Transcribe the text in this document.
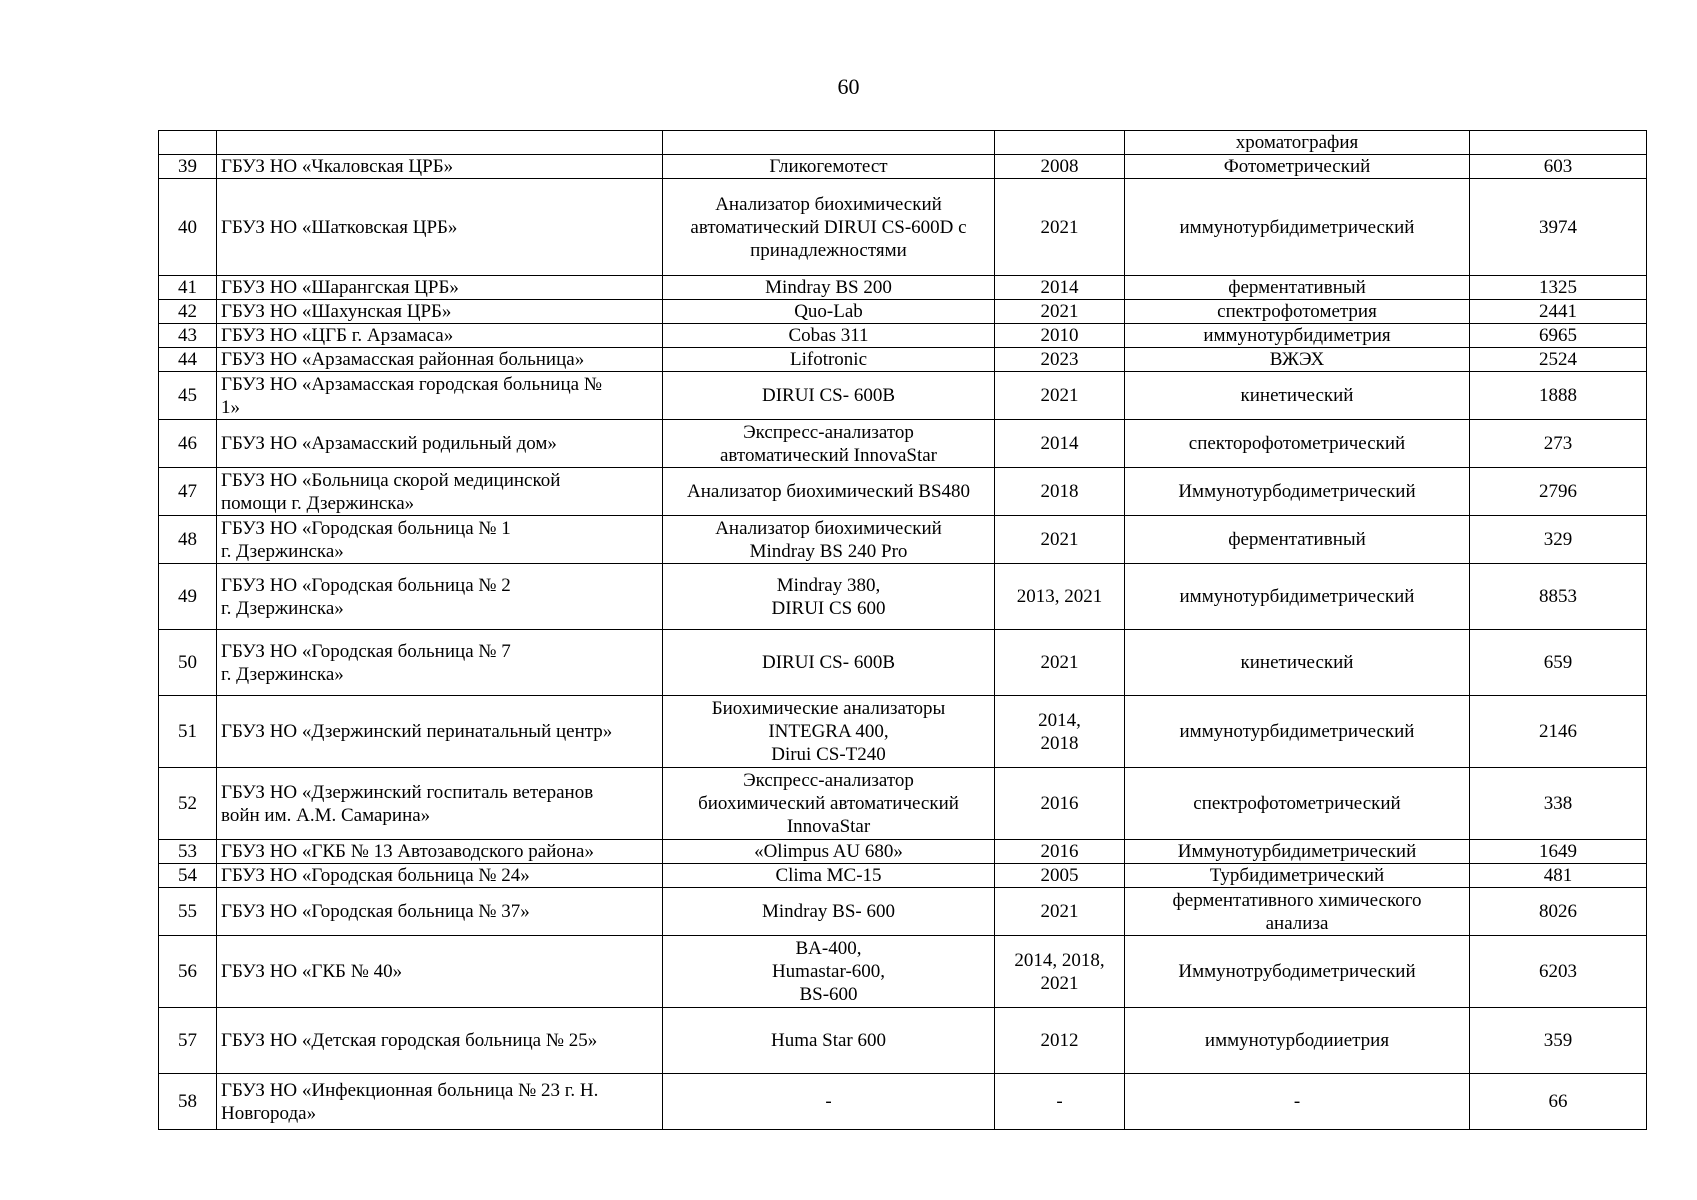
60
				хроматография	
39	ГБУЗ НО «Чкаловская ЦРБ»	Гликогемотест	2008	Фотометрический	603
40	ГБУЗ НО «Шатковская ЦРБ»	Анализатор биохимический
автоматический DIRUI CS-600D с
принадлежностями	2021	иммунотурбидиметрический	3974
41	ГБУЗ НО «Шарангская ЦРБ»	Mindray BS 200	2014	ферментативный	1325
42	ГБУЗ НО «Шахунская ЦРБ»	Quo-Lab	2021	спектрофотометрия	2441
43	ГБУЗ НО «ЦГБ г. Арзамаса»	Cobas 311	2010	иммунотурбидиметрия	6965
44	ГБУЗ НО «Арзамасская районная больница»	Lifotronic	2023	ВЖЭХ	2524
45	ГБУЗ НО «Арзамасская городская больница №
1»	DIRUI CS- 600B	2021	кинетический	1888
46	ГБУЗ НО «Арзамасский родильный дом»	Экспресс-анализатор
автоматический InnovaStar	2014	спекторофотометрический	273
47	ГБУЗ НО «Больница скорой медицинской
помощи г. Дзержинска»	Анализатор биохимический BS480	2018	Иммунотурбодиметрический	2796
48	ГБУЗ НО «Городская больница № 1
г. Дзержинска»	Анализатор биохимический
Mindray BS 240 Pro	2021	ферментативный	329
49	ГБУЗ НО «Городская больница № 2
г. Дзержинска»	Mindray 380,
DIRUI CS 600	2013, 2021	иммунотурбидиметрический	8853
50	ГБУЗ НО «Городская больница № 7
г. Дзержинска»	DIRUI CS- 600B	2021	кинетический	659
51	ГБУЗ НО «Дзержинский перинатальный центр»	Биохимические анализаторы
INTEGRA 400,
Dirui CS-T240	2014,
2018	иммунотурбидиметрический	2146
52	ГБУЗ НО «Дзержинский госпиталь ветеранов
войн им. А.М. Самарина»	Экспресс-анализатор
биохимический автоматический
InnovaStar	2016	спектрофотометрический	338
53	ГБУЗ НО «ГКБ № 13 Автозаводского района»	«Olimpus AU 680»	2016	Иммунотурбидиметрический	1649
54	ГБУЗ НО «Городская больница № 24»	Clima MC-15	2005	Турбидиметрический	481
55	ГБУЗ НО «Городская больница № 37»	Mindray BS- 600	2021	ферментативного химического
анализа	8026
56	ГБУЗ НО «ГКБ № 40»	BA-400,
Humastar-600,
BS-600	2014, 2018,
2021	Иммунотрубодиметрический	6203
57	ГБУЗ НО «Детская городская больница № 25»	Huma Star 600	2012	иммунотурбодииетрия	359
58	ГБУЗ НО «Инфекционная больница № 23 г. Н.
Новгорода»	-	-	-	66
